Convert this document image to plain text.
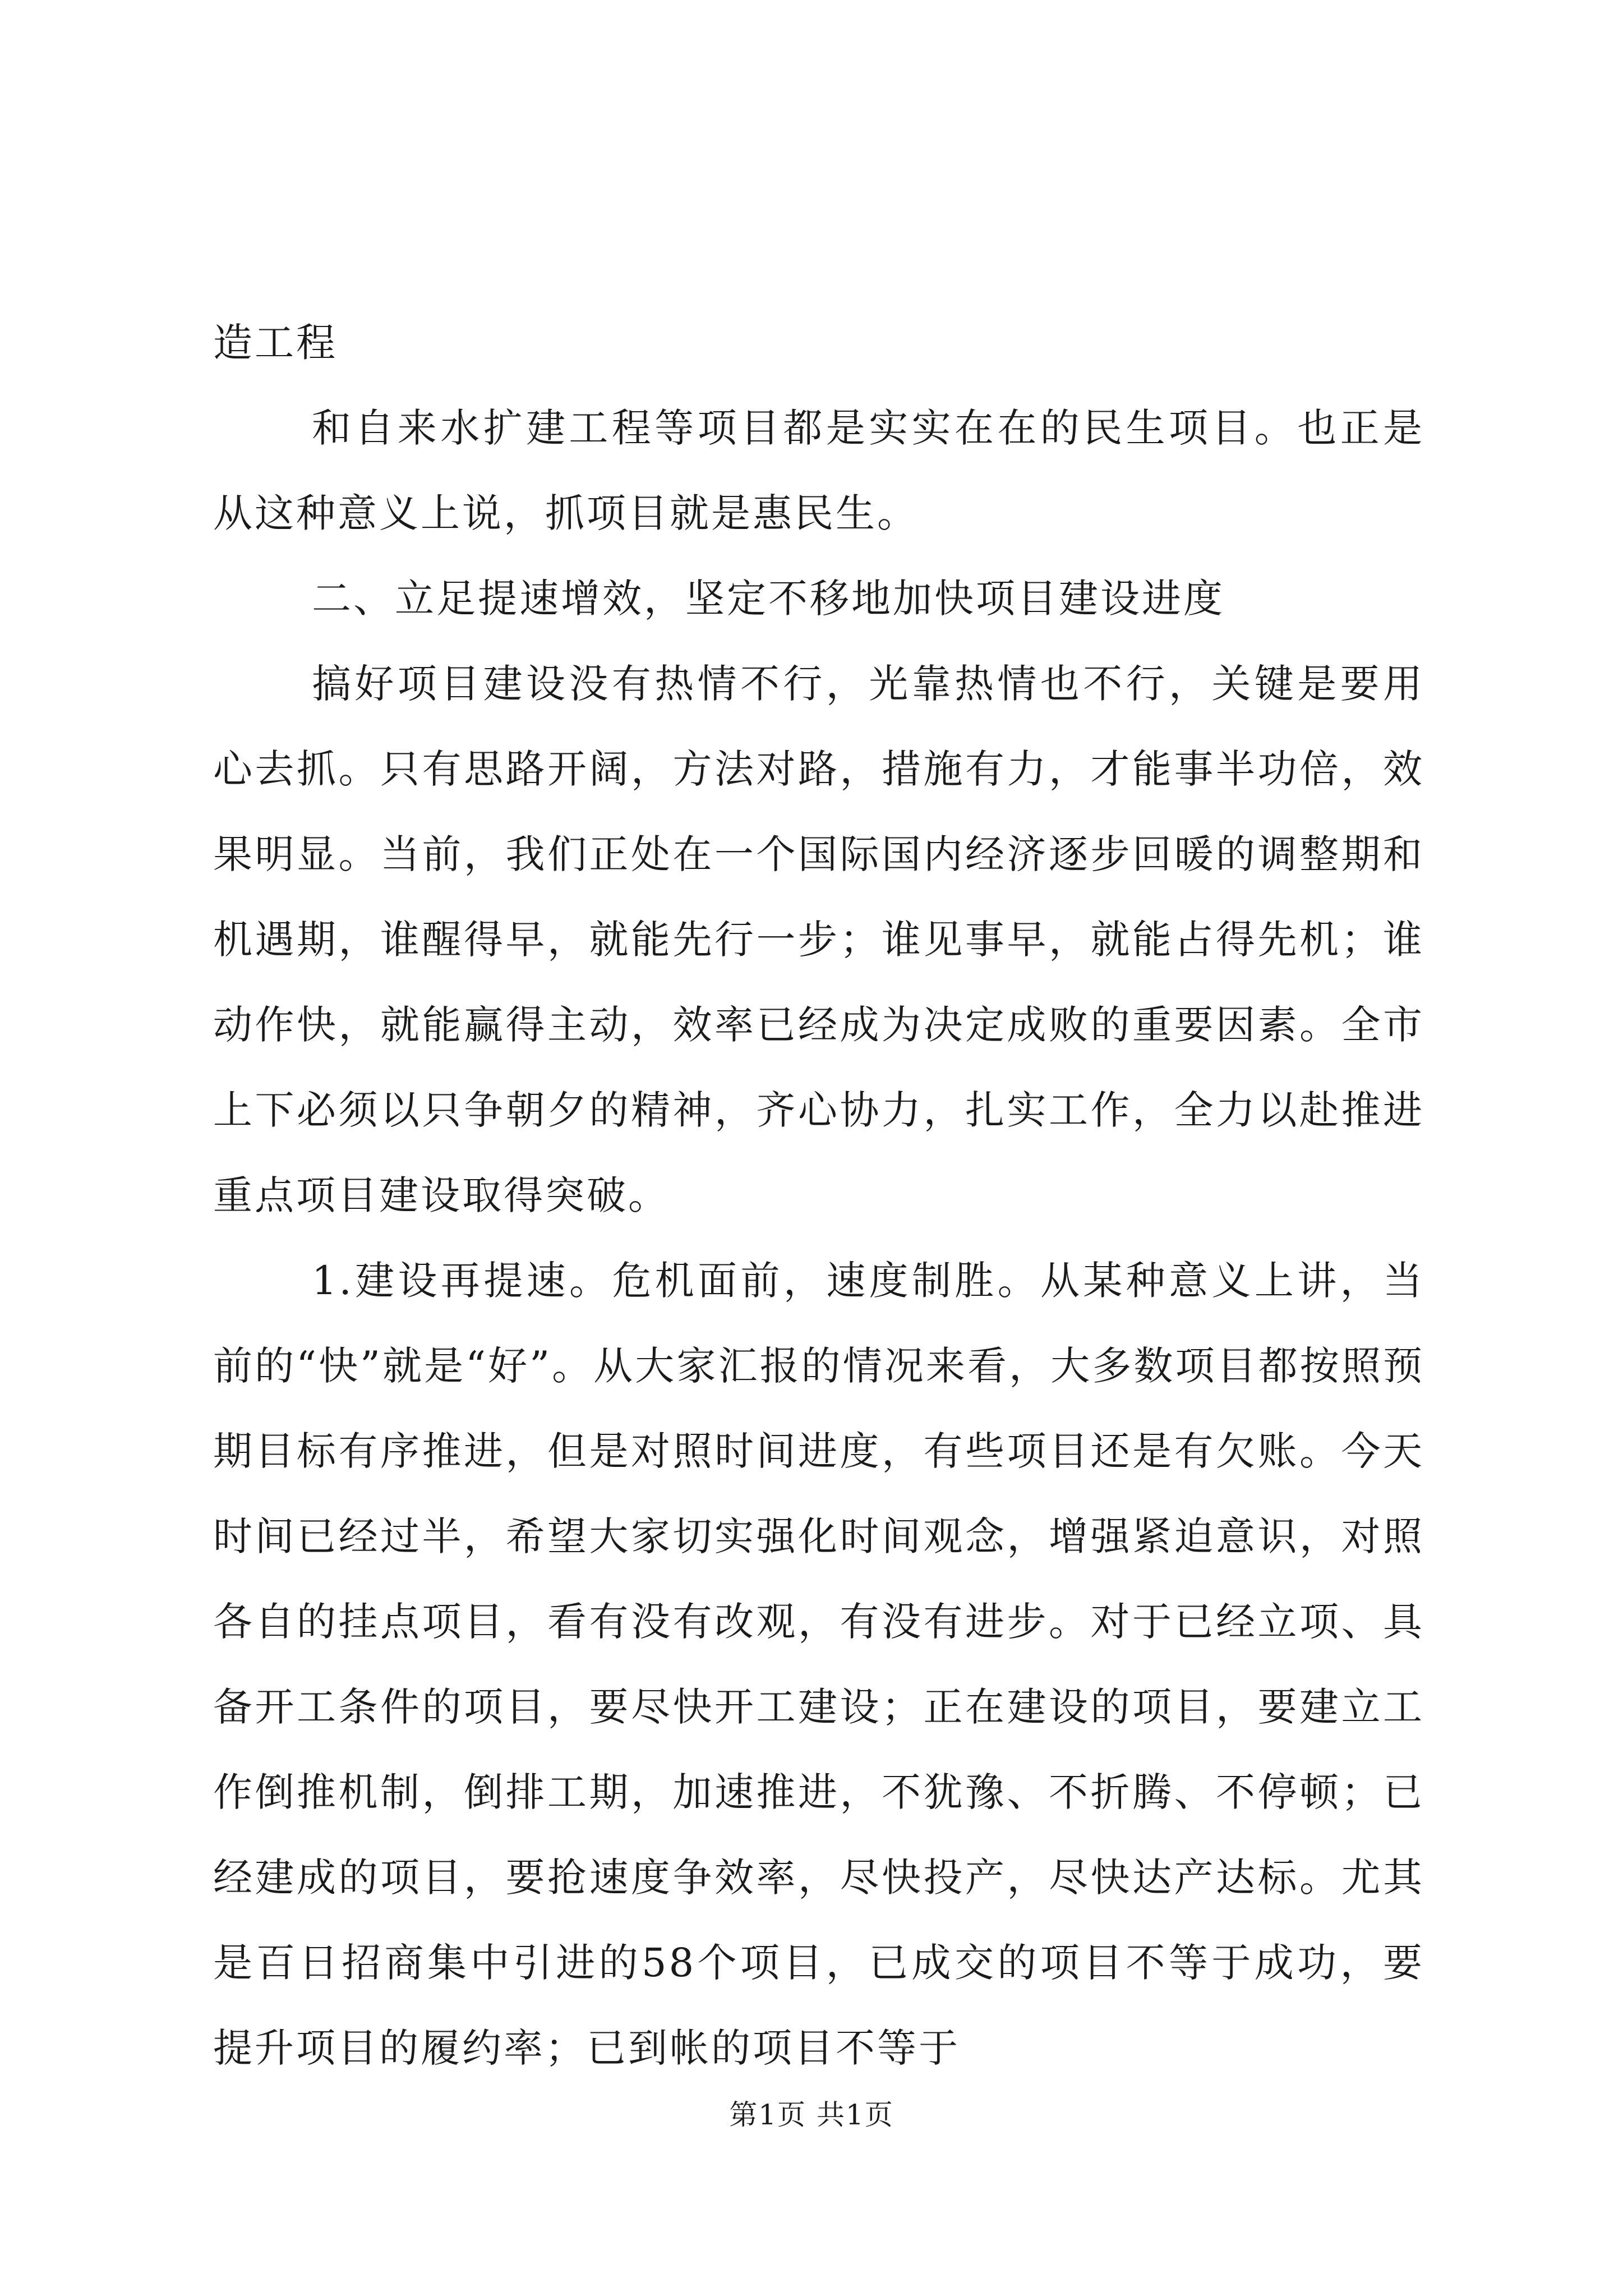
造工程

和自来水扩建工程等项目都是实实在在的民生项目。也正是从这种意义上说，抓项目就是惠民生。

二、立足提速增效，坚定不移地加快项目建设进度

搞好项目建设没有热情不行，光靠热情也不行，关键是要用心去抓。只有思路开阔，方法对路，措施有力，才能事半功倍，效果明显。当前，我们正处在一个国际国内经济逐步回暖的调整期和机遇期，谁醒得早，就能先行一步；谁见事早，就能占得先机；谁动作快，就能赢得主动，效率已经成为决定成败的重要因素。全市上下必须以只争朝夕的精神，齐心协力，扎实工作，全力以赴推进重点项目建设取得突破。

1.建设再提速。危机面前，速度制胜。从某种意义上讲，当前的“快”就是“好”。从大家汇报的情况来看，大多数项目都按照预期目标有序推进，但是对照时间进度，有些项目还是有欠账。今天时间已经过半，希望大家切实强化时间观念，增强紧迫意识，对照各自的挂点项目，看有没有改观，有没有进步。对于已经立项、具备开工条件的项目，要尽快开工建设；正在建设的项目，要建立工作倒推机制，倒排工期，加速推进，不犹豫、不折腾、不停顿；已经建成的项目，要抢速度争效率，尽快投产，尽快达产达标。尤其是百日招商集中引进的58个项目，已成交的项目不等于成功，要提升项目的履约率；已到帐的项目不等于

第1页 共1页
